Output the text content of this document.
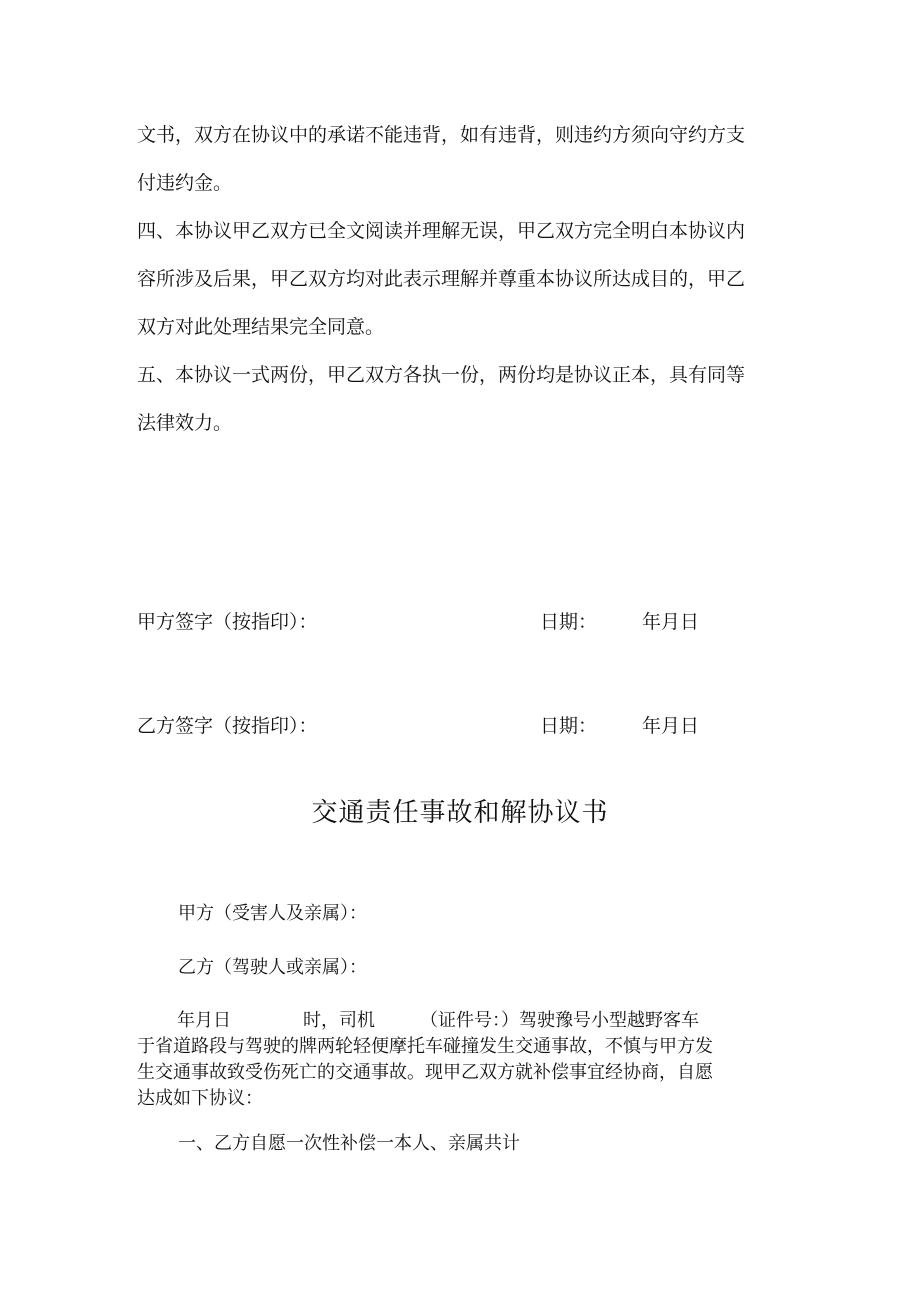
文书，双方在协议中的承诺不能违背，如有违背，则违约方须向守约方支
付违约金。
四、本协议甲乙双方已全文阅读并理解无误，甲乙双方完全明白本协议内
容所涉及后果，甲乙双方均对此表示理解并尊重本协议所达成目的，甲乙
双方对此处理结果完全同意。
五、本协议一式两份，甲乙双方各执一份，两份均是协议正本，具有同等
法律效力。
甲方签字（按指印）：	日期： 年月日
乙方签字（按指印）：	日期： 年月日
交通责任事故和解协议书
甲方（受害人及亲属）：
乙方（驾驶人或亲属）：
年月日　　　　时，司机　　　（证件号：）驾驶豫号小型越野客车
于省道路段与驾驶的牌两轮轻便摩托车碰撞发生交通事故，不慎与甲方发
生交通事故致受伤死亡的交通事故。现甲乙双方就补偿事宜经协商，自愿
达成如下协议：
一、乙方自愿一次性补偿一本人、亲属共计
